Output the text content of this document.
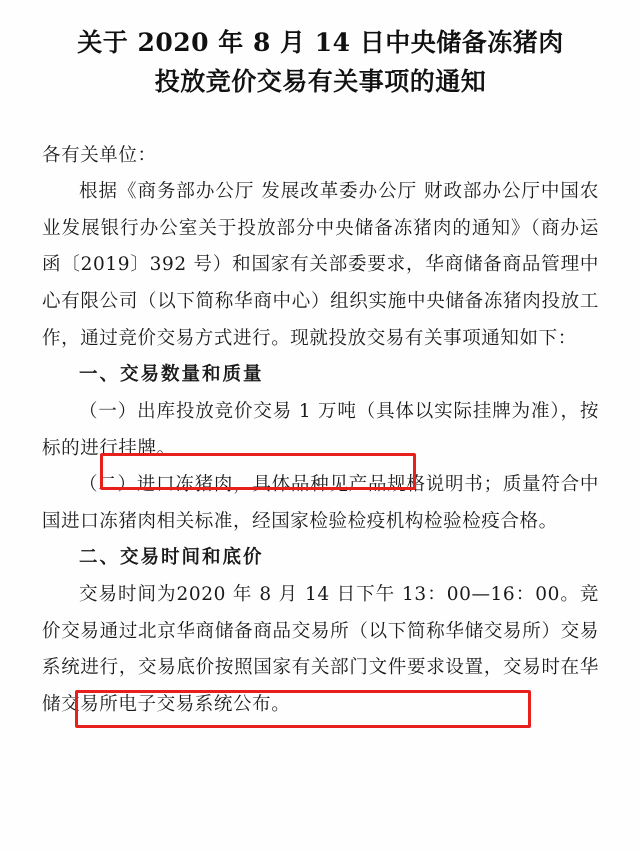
关于 2020 年 8 月 14 日中央储备冻猪肉
投放竞价交易有关事项的通知

各有关单位：

根据《商务部办公厅 发展改革委办公厅 财政部办公厅中国农业发展银行办公室关于投放部分中央储备冻猪肉的通知》（商办运函〔2019〕392 号）和国家有关部委要求，华商储备商品管理中心有限公司（以下简称华商中心）组织实施中央储备冻猪肉投放工作，通过竞价交易方式进行。现就投放交易有关事项通知如下：

一、交易数量和质量

（一）出库投放竞价交易 1 万吨（具体以实际挂牌为准），按标的进行挂牌。

（二）进口冻猪肉，具体品种见产品规格说明书；质量符合中国进口冻猪肉相关标准，经国家检验检疫机构检验检疫合格。

二、交易时间和底价

交易时间为2020 年 8 月 14 日下午 13：00—16：00。竞价交易通过北京华商储备商品交易所（以下简称华储交易所）交易系统进行，交易底价按照国家有关部门文件要求设置，交易时在华储交易所电子交易系统公布。
